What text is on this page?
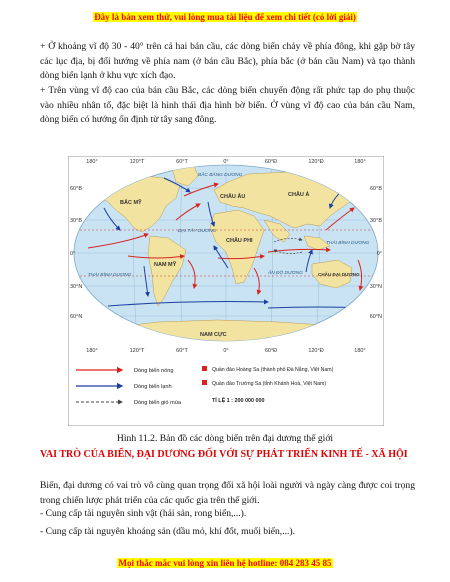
Đây là bản xem thử, vui lòng mua tài liệu để xem chi tiết (có lời giải)
+ Ở khoảng vĩ độ 30 - 40° trên cả hai bán cầu, các dòng biển chảy về phía đông, khi gặp bờ tây các lục địa, bị đổi hướng về phía nam (ở bán cầu Bắc), phía bắc (ở bán cầu Nam) và tạo thành dòng biển lạnh ở khu vực xích đạo.
+ Trên vùng vĩ độ cao của bán cầu Bắc, các dòng biển chuyển động rất phức tạp do phụ thuộc vào nhiều nhân tố, đặc biệt là hình thái địa hình bờ biển. Ở vùng vĩ độ cao của bán cầu Nam, dòng biển có hướng ổn định từ tây sang đông.
180°	120°T	60°T	0°	60°Đ	120°Đ	180°
60°B
30°B
0°
30°N
60°N
60°B
30°B
0°
30°N
60°N
BẮC MỸ
CHÂU ÂU	CHÂU Á
CHÂU PHI
NAM MỸ
CHÂU ĐẠI DƯƠNG
NAM CỰC
BẮC BĂNG DƯƠNG
THÁI BÌNH DƯƠNG
THÁI BÌNH DƯƠNG
ĐẠI TÂY DƯƠNG
ẤN ĐỘ DƯƠNG
180°	120°T	60°T	0°	60°Đ	120°Đ	180°
Dòng biển nóng
Dòng biển lạnh
Dòng biển gió mùa
Quần đảo Hoàng Sa (thành phố Đà Nẵng, Việt Nam)
Quần đảo Trường Sa (tỉnh Khánh Hoà, Việt Nam)
TỈ LỆ 1 : 200 000 000
Hình 11.2. Bản đồ các dòng biển trên đại dương thế giới
VAI TRÒ CỦA BIỂN, ĐẠI DƯƠNG ĐỐI VỚI SỰ PHÁT TRIỂN KINH TẾ - XÃ HỘI
Biển, đại dương có vai trò vô cùng quan trọng đối xã hội loài người và ngày càng được coi trọng trong chiến lược phát triển của các quốc gia trên thế giới.
- Cung cấp tài nguyên sinh vật (hải sản, rong biển,...).
- Cung cấp tài nguyên khoáng sản (dầu mỏ, khí đốt, muối biển,...).
Mọi thắc mắc vui lòng xin liên hệ hotline: 084 283 45 85
